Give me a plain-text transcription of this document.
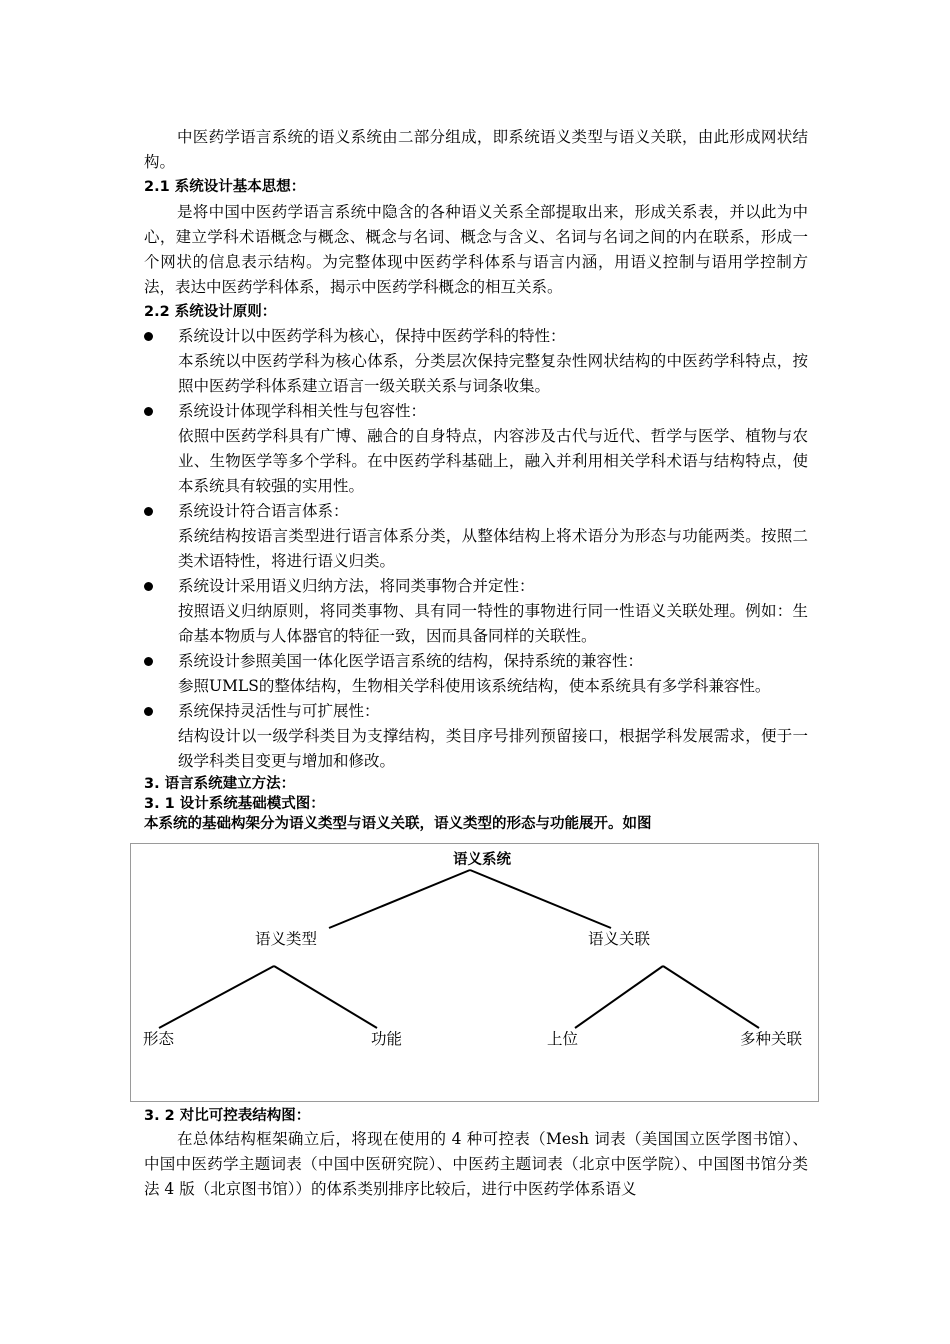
中医药学语言系统的语义系统由二部分组成，即系统语义类型与语义关联，由此形成网状结构。

2.1 系统设计基本思想：

是将中国中医药学语言系统中隐含的各种语义关系全部提取出来，形成关系表，并以此为中心，建立学科术语概念与概念、概念与名词、概念与含义、名词与名词之间的内在联系，形成一个网状的信息表示结构。为完整体现中医药学科体系与语言内涵，用语义控制与语用学控制方法，表达中医药学科体系，揭示中医药学科概念的相互关系。

2.2 系统设计原则：
系统设计以中医药学科为核心，保持中医药学科的特性：

本系统以中医药学科为核心体系，分类层次保持完整复杂性网状结构的中医药学科特点，按照中医药学科体系建立语言一级关联关系与词条收集。

系统设计体现学科相关性与包容性：

依照中医药学科具有广博、融合的自身特点，内容涉及古代与近代、哲学与医学、植物与农业、生物医学等多个学科。在中医药学科基础上，融入并利用相关学科术语与结构特点，使本系统具有较强的实用性。

系统设计符合语言体系：

系统结构按语言类型进行语言体系分类，从整体结构上将术语分为形态与功能两类。按照二类术语特性，将进行语义归类。

系统设计采用语义归纳方法，将同类事物合并定性：

按照语义归纳原则，将同类事物、具有同一特性的事物进行同一性语义关联处理。例如：生命基本物质与人体器官的特征一致，因而具备同样的关联性。

系统设计参照美国一体化医学语言系统的结构，保持系统的兼容性：

参照UMLS的整体结构，生物相关学科使用该系统结构，使本系统具有多学科兼容性。

系统保持灵活性与可扩展性：

结构设计以一级学科类目为支撑结构，类目序号排列预留接口，根据学科发展需求，便于一级学科类目变更与增加和修改。

3. 语言系统建立方法：
3. 1 设计系统基础模式图：
本系统的基础构架分为语义类型与语义关联，语义类型的形态与功能展开。如图
语义系统
语义类型	语义关联
形态	功能	上位	多种关联
3. 2 对比可控表结构图：

在总体结构框架确立后，将现在使用的 4 种可控表（Mesh 词表（美国国立医学图书馆）、中国中医药学主题词表（中国中医研究院）、中医药主题词表（北京中医学院）、中国图书馆分类法 4 版（北京图书馆））的体系类别排序比较后，进行中医药学体系语义
